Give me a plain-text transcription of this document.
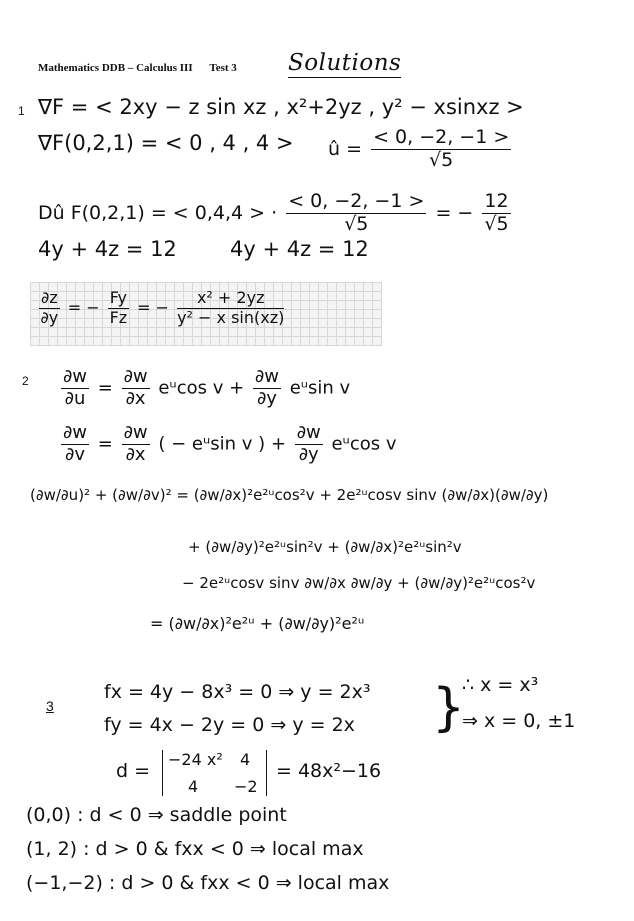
Mathematics DDB – Calculus III Test 3 Solutions
1 ∇F = < 2xy − z sin xz , x²+2yz , y² − xsinxz >
∇F(0,2,1) = < 0 , 4 , 4 > û = $\frac{< 0, -2, -1 >}{√5}$
Dû F(0,2,1) = < 0,4,4 > · $\frac{< 0, -2, -1 >}{√5}$ = − $\frac{12}{√5}$
4y + 4z = 12	4y + 4z = 12
$\frac{\partial z}{\partial y}$ = − $\frac{Fy}{Fz}$ = − $\frac{\text{x² + 2yz}}{\text{y² − x sin(xz)}}$
$2 \frac{\partial w}{\partial u} = \frac{\partial w}{\partial x}$ eᵘcos $v + \frac{\partial w}{\partial y}$ eᵘsin v
$\frac{\partial w}{\partial v} = \frac{\partial w}{\partial x}$ ( − eᵘsin v ) + $\frac{\partial w}{\partial y}$ eᵘcos v
(∂w/∂u)² + (∂w/∂v)² = (∂w/∂x)²e²ᵘcos²v + 2e²ᵘcosv sinv (∂w/∂x)(∂w/∂y)
+ (∂w/∂y)²e²ᵘsin²v + (∂w/∂x)²e²ᵘsin²v
− 2e²ᵘcosv sinv ∂w/∂x ∂w/∂y + (∂w/∂y)²e²ᵘcos²v
= (∂w/∂x)²e²ᵘ + (∂w/∂y)²e²ᵘ
3
fx = 4y − 8x³ = 0 ⇒ y = 2x³
fy = 4x − 2y = 0 ⇒ y = 2x }
∴ x = x³
⇒ x = 0, ±1
d =
−24 x² 4
4 −2
= 48x²−16
(0,0) : d < 0 ⇒ saddle point
(1, 2) : d > 0 & fxx < 0 ⇒ local max
(−1,−2) : d > 0 & fxx < 0 ⇒ local max
